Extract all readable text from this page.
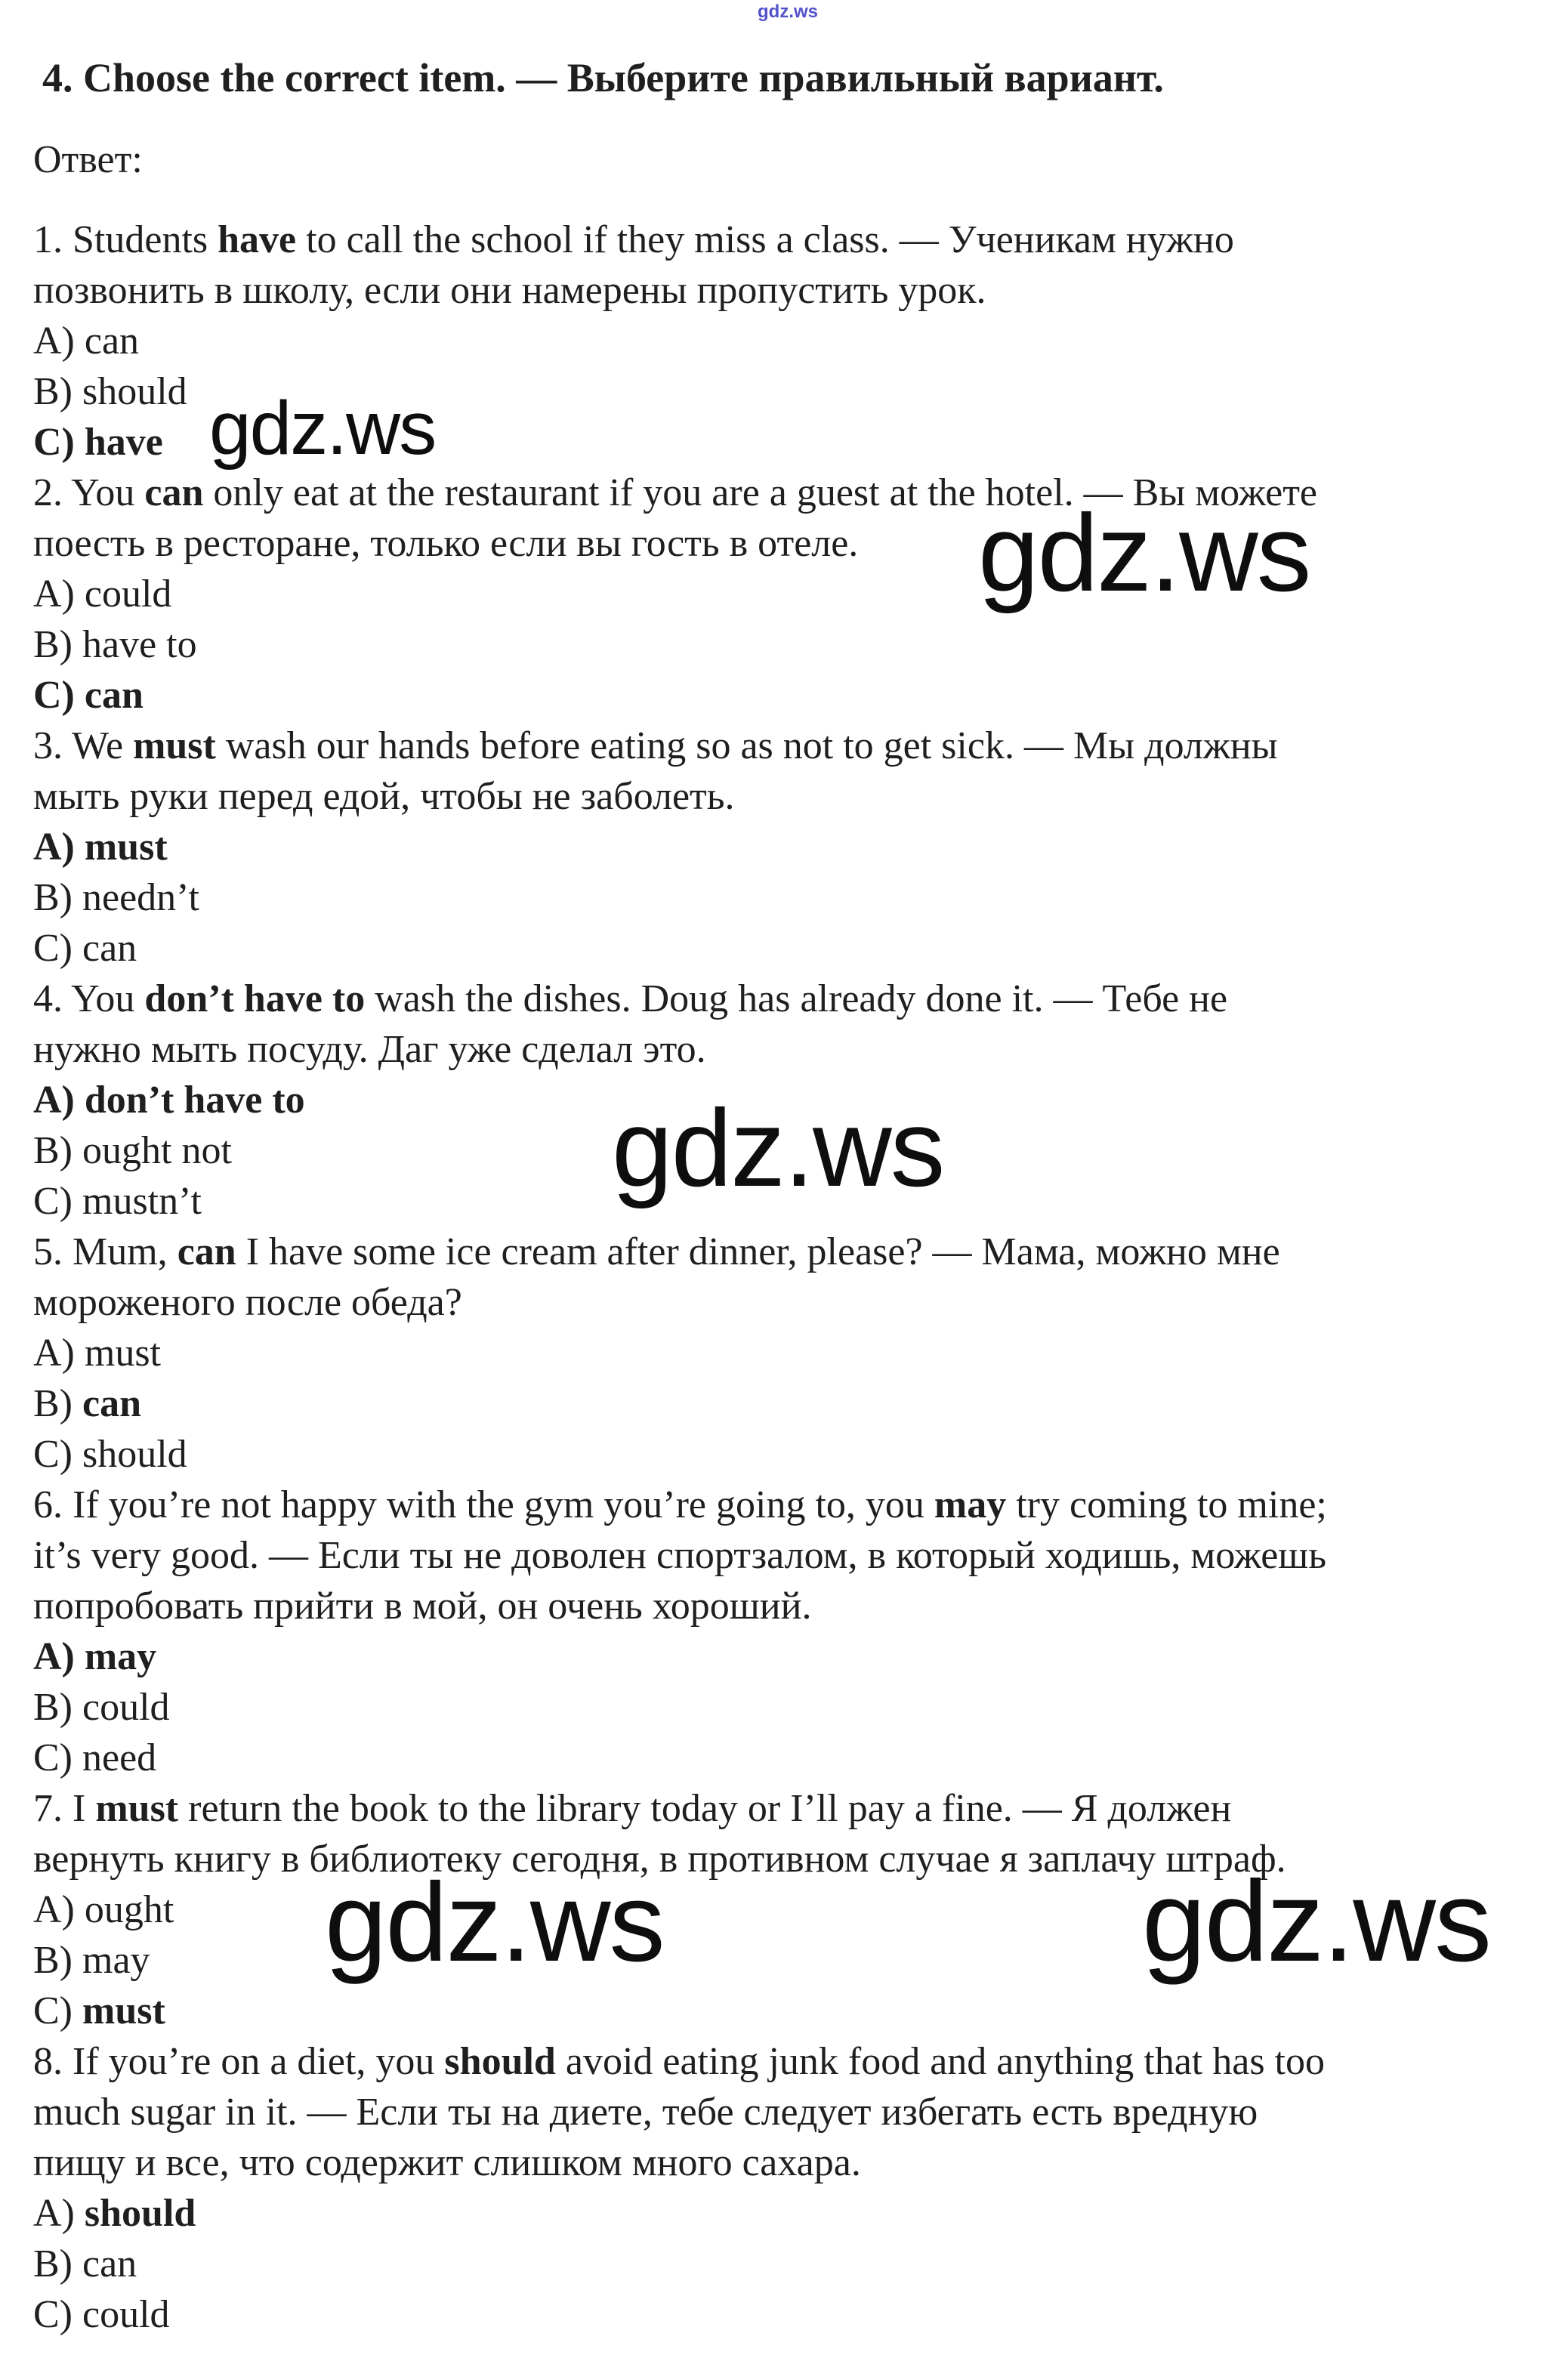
gdz.ws
gdz.ws
gdz.ws
gdz.ws
gdz.ws	gdz.ws
4. Choose the correct item. — Выберите правильный вариант.
Ответ:
1. Students have to call the school if they miss a class. — Ученикам нужно
позвонить в школу, если они намерены пропустить урок.
A) can
B) should
C) have
2. You can only eat at the restaurant if you are a guest at the hotel. — Вы можете
поесть в ресторане, только если вы гость в отеле.
A) could
B) have to
C) can
3. We must wash our hands before eating so as not to get sick. — Мы должны
мыть руки перед едой, чтобы не заболеть.
A) must
B) needn’t
C) can
4. You don’t have to wash the dishes. Doug has already done it. — Тебе не
нужно мыть посуду. Даг уже сделал это.
A) don’t have to
B) ought not
C) mustn’t
5. Mum, can I have some ice cream after dinner, please? — Мама, можно мне
мороженого после обеда?
A) must
B) can
C) should
6. If you’re not happy with the gym you’re going to, you may try coming to mine;
it’s very good. — Если ты не доволен спортзалом, в который ходишь, можешь
попробовать прийти в мой, он очень хороший.
A) may
B) could
C) need
7. I must return the book to the library today or I’ll pay a fine. — Я должен
вернуть книгу в библиотеку сегодня, в противном случае я заплачу штраф.
A) ought
B) may
C) must
8. If you’re on a diet, you should avoid eating junk food and anything that has too
much sugar in it. — Если ты на диете, тебе следует избегать есть вредную
пищу и все, что содержит слишком много сахара.
A) should
B) can
C) could
